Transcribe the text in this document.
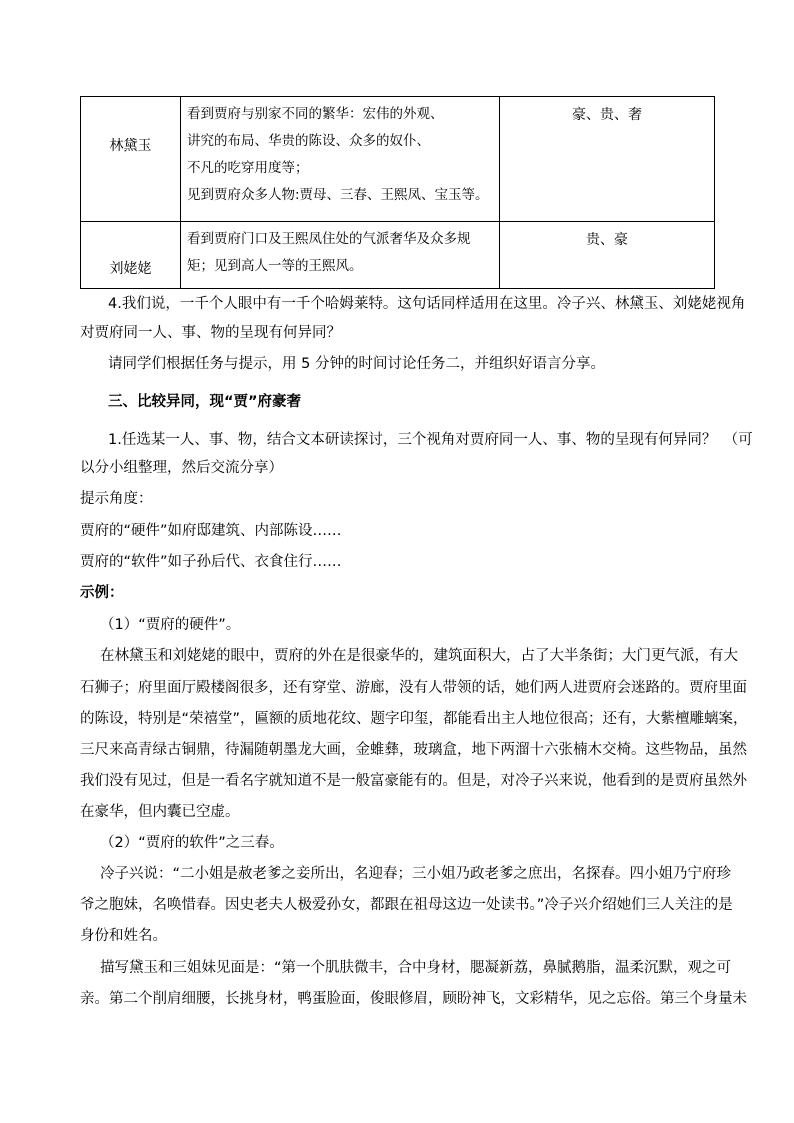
林黛玉	看到贾府与别家不同的繁华：宏伟的外观、
讲究的布局、华贵的陈设、众多的奴仆、
不凡的吃穿用度等；
见到贾府众多人物:贾母、三春、王熙凤、宝玉等。	豪、贵、奢

刘姥姥	看到贾府门口及王熙凤住处的气派奢华及众多规
矩；见到高人一等的王熙风。	贵、豪

4.我们说，一千个人眼中有一千个哈姆莱特。这句话同样适用在这里。冷子兴、林黛玉、刘姥姥视角

对贾府同一人、事、物的呈现有何异同？

请同学们根据任务与提示，用 5 分钟的时间讨论任务二，并组织好语言分享。

三、比较异同，现“贾”府豪奢

1.任选某一人、事、物，结合文本研读探讨，三个视角对贾府同一人、事、物的呈现有何异同？　（可

以分小组整理，然后交流分享）

提示角度：

贾府的“硬件”如府邸建筑、内部陈设……

贾府的“软件”如子孙后代、衣食住行……

示例：

（1）“贾府的硬件”。

在林黛玉和刘姥姥的眼中，贾府的外在是很豪华的，建筑面积大，占了大半条街；大门更气派，有大

石狮子；府里面厅殿楼阁很多，还有穿堂、游廊，没有人带领的话，她们两人进贾府会迷路的。贾府里面

的陈设，特别是“荣禧堂”，匾额的质地花纹、题字印玺，都能看出主人地位很高；还有，大紫檀雕螭案，

三尺来高青绿古铜鼎，待漏随朝墨龙大画，金蜼彝，玻璃盒，地下两溜十六张楠木交椅。这些物品，虽然

我们没有见过，但是一看名字就知道不是一般富豪能有的。但是，对冷子兴来说，他看到的是贾府虽然外

在豪华，但内囊已空虚。

（2）“贾府的软件”之三春。

冷子兴说：“二小姐是赦老爹之妾所出，名迎春；三小姐乃政老爹之庶出，名探春。四小姐乃宁府珍

爷之胞妹，名唤惜春。因史老夫人极爱孙女，都跟在祖母这边一处读书。”冷子兴介绍她们三人关注的是

身份和姓名。

描写黛玉和三姐妹见面是：“第一个肌肤微丰，合中身材，腮凝新荔，鼻腻鹅脂，温柔沉默，观之可

亲。第二个削肩细腰，长挑身材，鸭蛋脸面，俊眼修眉，顾盼神飞，文彩精华，见之忘俗。第三个身量未
